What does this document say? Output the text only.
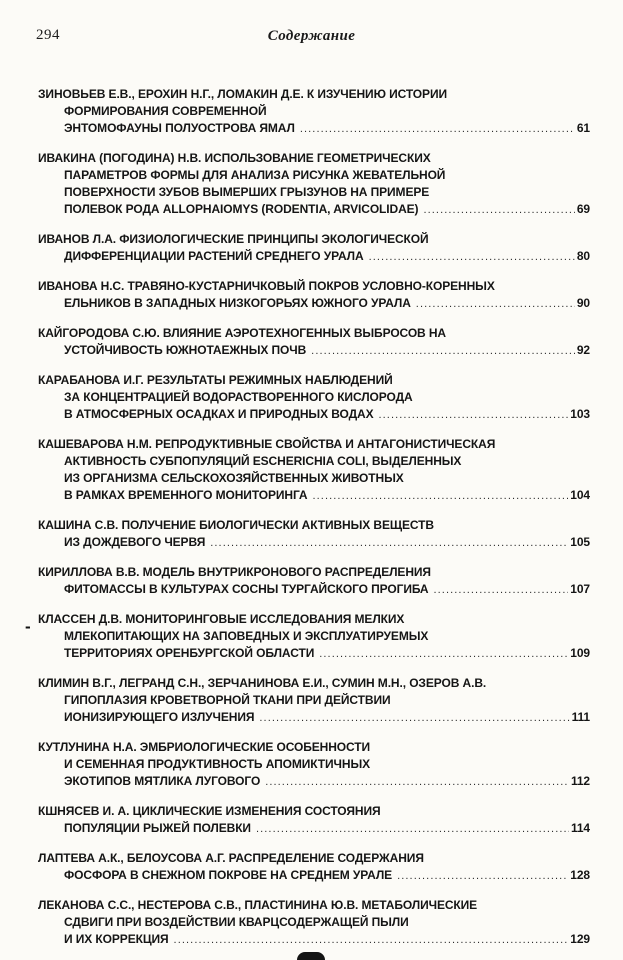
294	Содержание
ЗИНОВЬЕВ Е.В., ЕРОХИН Н.Г., ЛОМАКИН Д.Е. К ИЗУЧЕНИЮ ИСТОРИИ
ФОРМИРОВАНИЯ СОВРЕМЕННОЙ
ЭНТОМОФАУНЫ ПОЛУОСТРОВА ЯМАЛ .....	61
ИВАКИНА (ПОГОДИНА) Н.В. ИСПОЛЬЗОВАНИЕ ГЕОМЕТРИЧЕСКИХ
ПАРАМЕТРОВ ФОРМЫ ДЛЯ АНАЛИЗА РИСУНКА ЖЕВАТЕЛЬНОЙ
ПОВЕРХНОСТИ ЗУБОВ ВЫМЕРШИХ ГРЫЗУНОВ НА ПРИМЕРЕ
ПОЛЕВОК РОДА ALLOPHAIOMYS (RODENTIA, ARVICOLIDAE) .....	69
ИВАНОВ Л.А. ФИЗИОЛОГИЧЕСКИЕ ПРИНЦИПЫ ЭКОЛОГИЧЕСКОЙ
ДИФФЕРЕНЦИАЦИИ РАСТЕНИЙ СРЕДНЕГО УРАЛА .....	80
ИВАНОВА Н.С. ТРАВЯНО-КУСТАРНИЧКОВЫЙ ПОКРОВ УСЛОВНО-КОРЕННЫХ
ЕЛЬНИКОВ В ЗАПАДНЫХ НИЗКОГОРЬЯХ ЮЖНОГО УРАЛА .....	90
КАЙГОРОДОВА С.Ю. ВЛИЯНИЕ АЭРОТЕХНОГЕННЫХ ВЫБРОСОВ НА
УСТОЙЧИВОСТЬ ЮЖНОТАЕЖНЫХ ПОЧВ .....	92
КАРАБАНОВА И.Г. РЕЗУЛЬТАТЫ РЕЖИМНЫХ НАБЛЮДЕНИЙ
ЗА КОНЦЕНТРАЦИЕЙ ВОДОРАСТВОРЕННОГО КИСЛОРОДА
В АТМОСФЕРНЫХ ОСАДКАХ И ПРИРОДНЫХ ВОДАХ .....	103
КАШЕВАРОВА Н.М. РЕПРОДУКТИВНЫЕ СВОЙСТВА И АНТАГОНИСТИЧЕСКАЯ
АКТИВНОСТЬ СУБПОПУЛЯЦИЙ ESCHERICHIA COLI, ВЫДЕЛЕННЫХ
ИЗ ОРГАНИЗМА СЕЛЬСКОХОЗЯЙСТВЕННЫХ ЖИВОТНЫХ
В РАМКАХ ВРЕМЕННОГО МОНИТОРИНГА .....	104
КАШИНА С.В. ПОЛУЧЕНИЕ БИОЛОГИЧЕСКИ АКТИВНЫХ ВЕЩЕСТВ
ИЗ ДОЖДЕВОГО ЧЕРВЯ .....	105
КИРИЛЛОВА В.В. МОДЕЛЬ ВНУТРИКРОНОВОГО РАСПРЕДЕЛЕНИЯ
ФИТОМАССЫ В КУЛЬТУРАХ СОСНЫ ТУРГАЙСКОГО ПРОГИБА .....	107
КЛАССЕН Д.В. МОНИТОРИНГОВЫЕ ИССЛЕДОВАНИЯ МЕЛКИХ
МЛЕКОПИТАЮЩИХ НА ЗАПОВЕДНЫХ И ЭКСПЛУАТИРУЕМЫХ
ТЕРРИТОРИЯХ ОРЕНБУРГСКОЙ ОБЛАСТИ .....	109
КЛИМИН В.Г., ЛЕГРАНД С.Н., ЗЕРЧАНИНОВА Е.И., СУМИН М.Н., ОЗЕРОВ А.В.
ГИПОПЛАЗИЯ КРОВЕТВОРНОЙ ТКАНИ ПРИ ДЕЙСТВИИ
ИОНИЗИРУЮЩЕГО ИЗЛУЧЕНИЯ .....	111
КУТЛУНИНА Н.А. ЭМБРИОЛОГИЧЕСКИЕ ОСОБЕННОСТИ
И СЕМЕННАЯ ПРОДУКТИВНОСТЬ АПОМИКТИЧНЫХ
ЭКОТИПОВ МЯТЛИКА ЛУГОВОГО .....	112
КШНЯСЕВ И. А. ЦИКЛИЧЕСКИЕ ИЗМЕНЕНИЯ СОСТОЯНИЯ
ПОПУЛЯЦИИ РЫЖЕЙ ПОЛЕВКИ .....	114
ЛАПТЕВА А.К., БЕЛОУСОВА А.Г. РАСПРЕДЕЛЕНИЕ СОДЕРЖАНИЯ
ФОСФОРА В СНЕЖНОМ ПОКРОВЕ НА СРЕДНЕМ УРАЛЕ .....	128
ЛЕКАНОВА С.С., НЕСТЕРОВА С.В., ПЛАСТИНИНА Ю.В. МЕТАБОЛИЧЕСКИЕ
СДВИГИ ПРИ ВОЗДЕЙСТВИИ КВАРЦСОДЕРЖАЩЕЙ ПЫЛИ
И ИХ КОРРЕКЦИЯ .....	129
-
